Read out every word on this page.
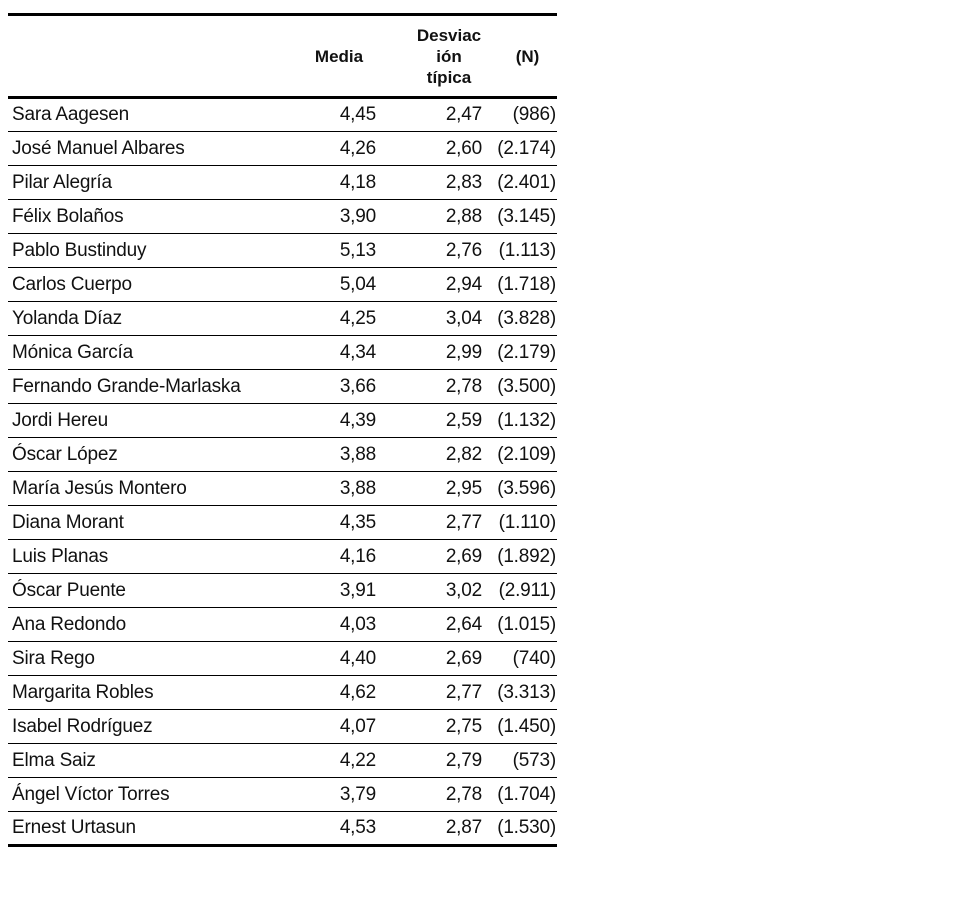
	Media	Desviac
ión
típica	(N)
Sara Aagesen	4,45	2,47	(986)
José Manuel Albares	4,26	2,60	(2.174)
Pilar Alegría	4,18	2,83	(2.401)
Félix Bolaños	3,90	2,88	(3.145)
Pablo Bustinduy	5,13	2,76	(1.113)
Carlos Cuerpo	5,04	2,94	(1.718)
Yolanda Díaz	4,25	3,04	(3.828)
Mónica García	4,34	2,99	(2.179)
Fernando Grande-Marlaska	3,66	2,78	(3.500)
Jordi Hereu	4,39	2,59	(1.132)
Óscar López	3,88	2,82	(2.109)
María Jesús Montero	3,88	2,95	(3.596)
Diana Morant	4,35	2,77	(1.110)
Luis Planas	4,16	2,69	(1.892)
Óscar Puente	3,91	3,02	(2.911)
Ana Redondo	4,03	2,64	(1.015)
Sira Rego	4,40	2,69	(740)
Margarita Robles	4,62	2,77	(3.313)
Isabel Rodríguez	4,07	2,75	(1.450)
Elma Saiz	4,22	2,79	(573)
Ángel Víctor Torres	3,79	2,78	(1.704)
Ernest Urtasun	4,53	2,87	(1.530)
